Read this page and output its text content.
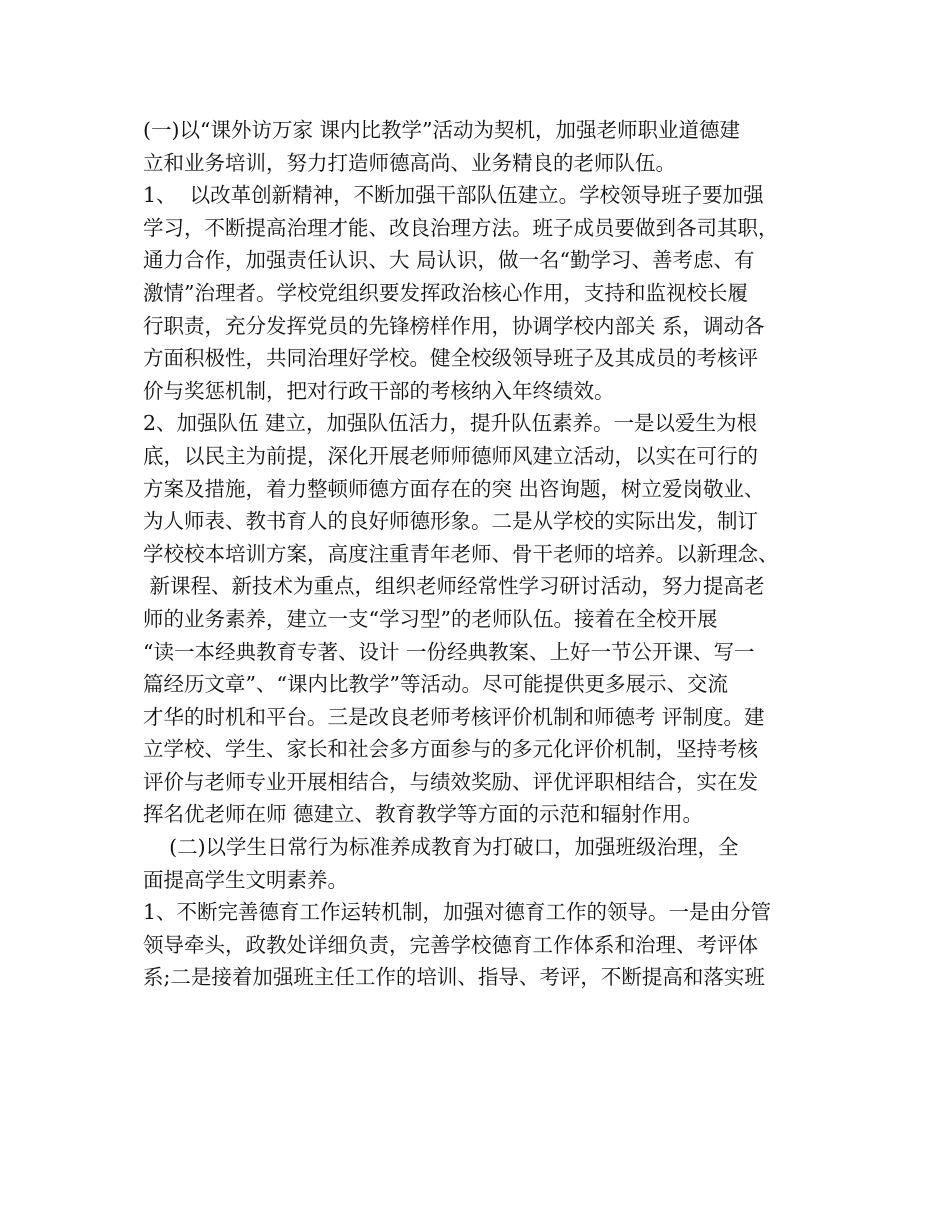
(一)以“课外访万家 课内比教学”活动为契机，加强老师职业道德建
立和业务培训，努力打造师德高尚、业务精良的老师队伍。
1、  以改革创新精神，不断加强干部队伍建立。学校领导班子要加强
学习，不断提高治理才能、改良治理方法。班子成员要做到各司其职，
通力合作，加强责任认识、大 局认识，做一名“勤学习、善考虑、有
激情”治理者。学校党组织要发挥政治核心作用，支持和监视校长履
行职责，充分发挥党员的先锋榜样作用，协调学校内部关 系，调动各
方面积极性，共同治理好学校。健全校级领导班子及其成员的考核评
价与奖惩机制，把对行政干部的考核纳入年终绩效。
2、加强队伍 建立，加强队伍活力，提升队伍素养。一是以爱生为根
底，以民主为前提，深化开展老师师德师风建立活动，以实在可行的
方案及措施，着力整顿师德方面存在的突 出咨询题，树立爱岗敬业、
为人师表、教书育人的良好师德形象。二是从学校的实际出发，制订
学校校本培训方案，高度注重青年老师、骨干老师的培养。以新理念、
新课程、新技术为重点，组织老师经常性学习研讨活动，努力提高老
师的业务素养，建立一支“学习型”的老师队伍。接着在全校开展
“读一本经典教育专著、设计 一份经典教案、上好一节公开课、写一
篇经历文章”、“课内比教学”等活动。尽可能提供更多展示、交流
才华的时机和平台。三是改良老师考核评价机制和师德考 评制度。建
立学校、学生、家长和社会多方面参与的多元化评价机制，坚持考核
评价与老师专业开展相结合，与绩效奖励、评优评职相结合，实在发
挥名优老师在师 德建立、教育教学等方面的示范和辐射作用。
(二)以学生日常行为标准养成教育为打破口，加强班级治理，全
面提高学生文明素养。
1、不断完善德育工作运转机制，加强对德育工作的领导。一是由分管
领导牵头，政教处详细负责，完善学校德育工作体系和治理、考评体
系;二是接着加强班主任工作的培训、指导、考评，不断提高和落实班
